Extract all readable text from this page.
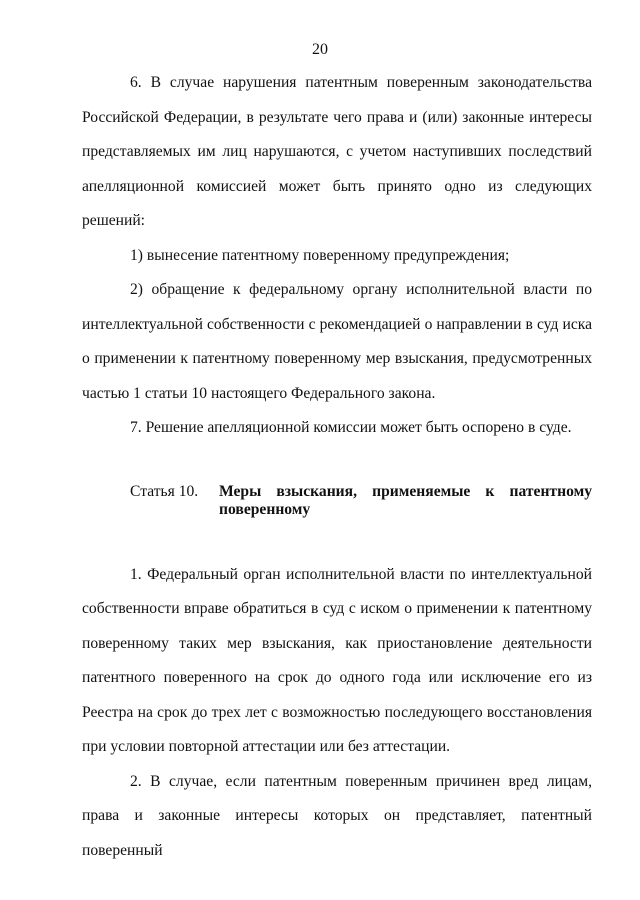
20

6. В случае нарушения патентным поверенным законодательства Российской Федерации, в результате чего права и (или) законные интересы представляемых им лиц нарушаются, с учетом наступивших последствий апелляционной комиссией может быть принято одно из следующих решений:

1) вынесение патентному поверенному предупреждения;

2) обращение к федеральному органу исполнительной власти по интеллектуальной собственности с рекомендацией о направлении в суд иска о применении к патентному поверенному мер взыскания, предусмотренных частью 1 статьи 10 настоящего Федерального закона.

7. Решение апелляционной комиссии может быть оспорено в суде.

Статья 10.	Меры взыскания, применяемые к патентному поверенному

1. Федеральный орган исполнительной власти по интеллектуальной собственности вправе обратиться в суд с иском о применении к патентному поверенному таких мер взыскания, как приостановление деятельности патентного поверенного на срок до одного года или исключение его из Реестра на срок до трех лет с возможностью последующего восстановления при условии повторной аттестации или без аттестации.

2. В случае, если патентным поверенным причинен вред лицам, права и законные интересы которых он представляет, патентный поверенный
